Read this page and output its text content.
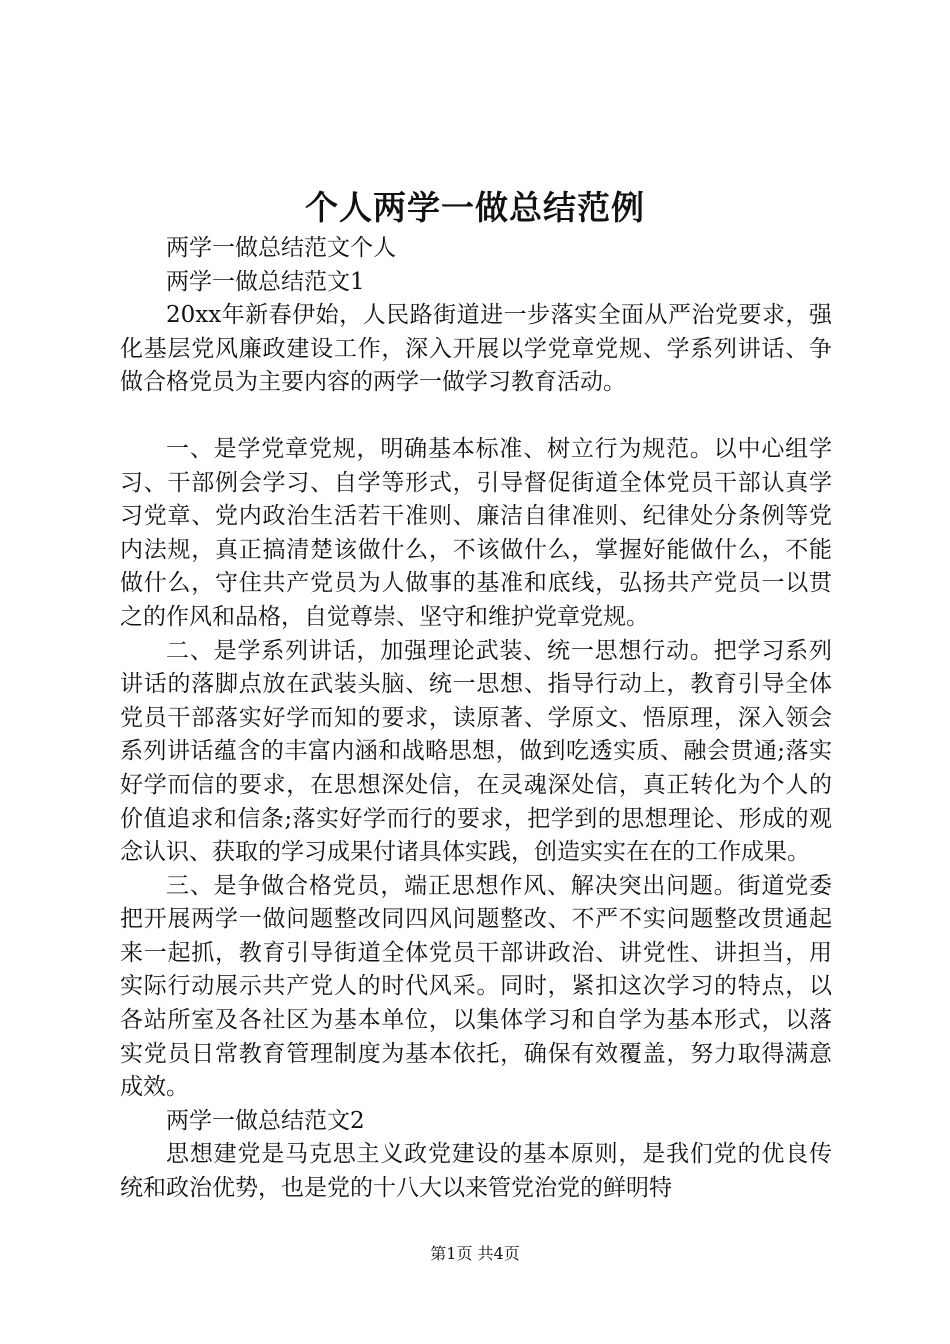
个人两学一做总结范例

两学一做总结范文个人

两学一做总结范文1

20xx年新春伊始，人民路街道进一步落实全面从严治党要求，强化基层党风廉政建设工作，深入开展以学党章党规、学系列讲话、争做合格党员为主要内容的两学一做学习教育活动。

一、是学党章党规，明确基本标准、树立行为规范。以中心组学习、干部例会学习、自学等形式，引导督促街道全体党员干部认真学习党章、党内政治生活若干准则、廉洁自律准则、纪律处分条例等党内法规，真正搞清楚该做什么，不该做什么，掌握好能做什么，不能做什么，守住共产党员为人做事的基准和底线，弘扬共产党员一以贯之的作风和品格，自觉尊崇、坚守和维护党章党规。

二、是学系列讲话，加强理论武装、统一思想行动。把学习系列讲话的落脚点放在武装头脑、统一思想、指导行动上，教育引导全体党员干部落实好学而知的要求，读原著、学原文、悟原理，深入领会系列讲话蕴含的丰富内涵和战略思想，做到吃透实质、融会贯通;落实好学而信的要求，在思想深处信，在灵魂深处信，真正转化为个人的价值追求和信条;落实好学而行的要求，把学到的思想理论、形成的观念认识、获取的学习成果付诸具体实践，创造实实在在的工作成果。

三、是争做合格党员，端正思想作风、解决突出问题。街道党委把开展两学一做问题整改同四风问题整改、不严不实问题整改贯通起来一起抓，教育引导街道全体党员干部讲政治、讲党性、讲担当，用实际行动展示共产党人的时代风采。同时，紧扣这次学习的特点，以各站所室及各社区为基本单位，以集体学习和自学为基本形式，以落实党员日常教育管理制度为基本依托，确保有效覆盖，努力取得满意成效。

两学一做总结范文2

思想建党是马克思主义政党建设的基本原则，是我们党的优良传统和政治优势，也是党的十八大以来管党治党的鲜明特

第1页 共4页
